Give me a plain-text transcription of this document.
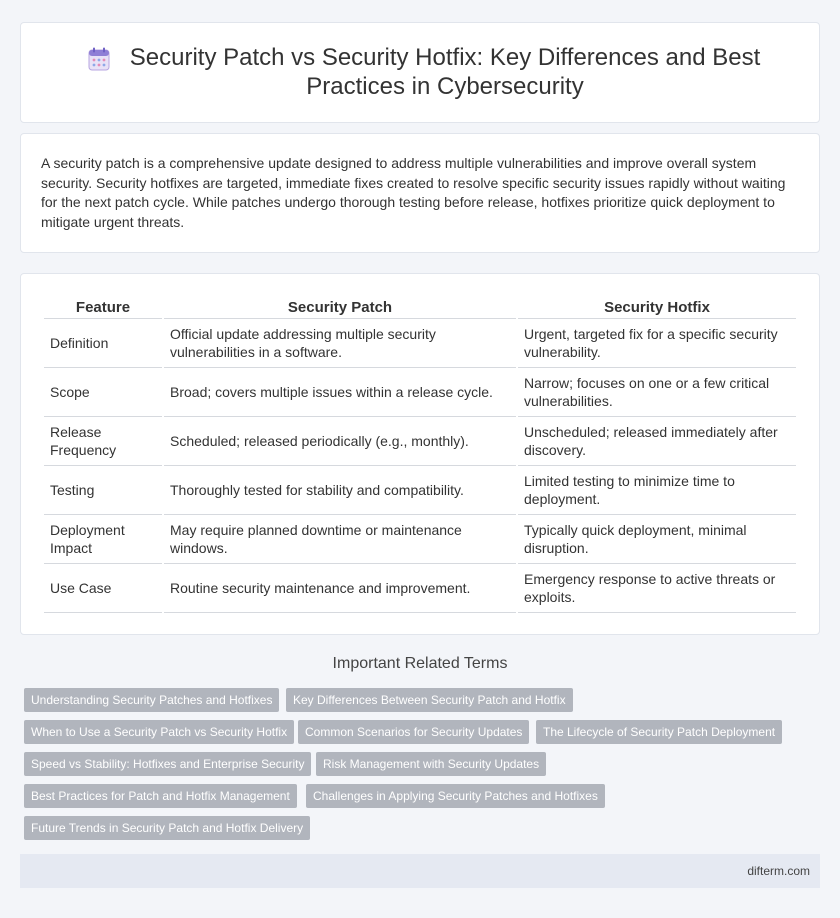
Security Patch vs Security Hotfix: Key Differences and Best Practices in Cybersecurity

A security patch is a comprehensive update designed to address multiple vulnerabilities and improve overall system security. Security hotfixes are targeted, immediate fixes created to resolve specific security issues rapidly without waiting for the next patch cycle. While patches undergo thorough testing before release, hotfixes prioritize quick deployment to mitigate urgent threats.

Feature	Security Patch	Security Hotfix
Definition	Official update addressing multiple security vulnerabilities in a software.	Urgent, targeted fix for a specific security vulnerability.
Scope	Broad; covers multiple issues within a release cycle.	Narrow; focuses on one or a few critical vulnerabilities.
Release Frequency	Scheduled; released periodically (e.g., monthly).	Unscheduled; released immediately after discovery.
Testing	Thoroughly tested for stability and compatibility.	Limited testing to minimize time to deployment.
Deployment Impact	May require planned downtime or maintenance windows.	Typically quick deployment, minimal disruption.
Use Case	Routine security maintenance and improvement.	Emergency response to active threats or exploits.
Important Related Terms
Understanding Security Patches and Hotfixes	Key Differences Between Security Patch and Hotfix
When to Use a Security Patch vs Security Hotfix	Common Scenarios for Security Updates	The Lifecycle of Security Patch Deployment
Speed vs Stability: Hotfixes and Enterprise Security	Risk Management with Security Updates
Best Practices for Patch and Hotfix Management	Challenges in Applying Security Patches and Hotfixes
Future Trends in Security Patch and Hotfix Delivery
difterm.com
